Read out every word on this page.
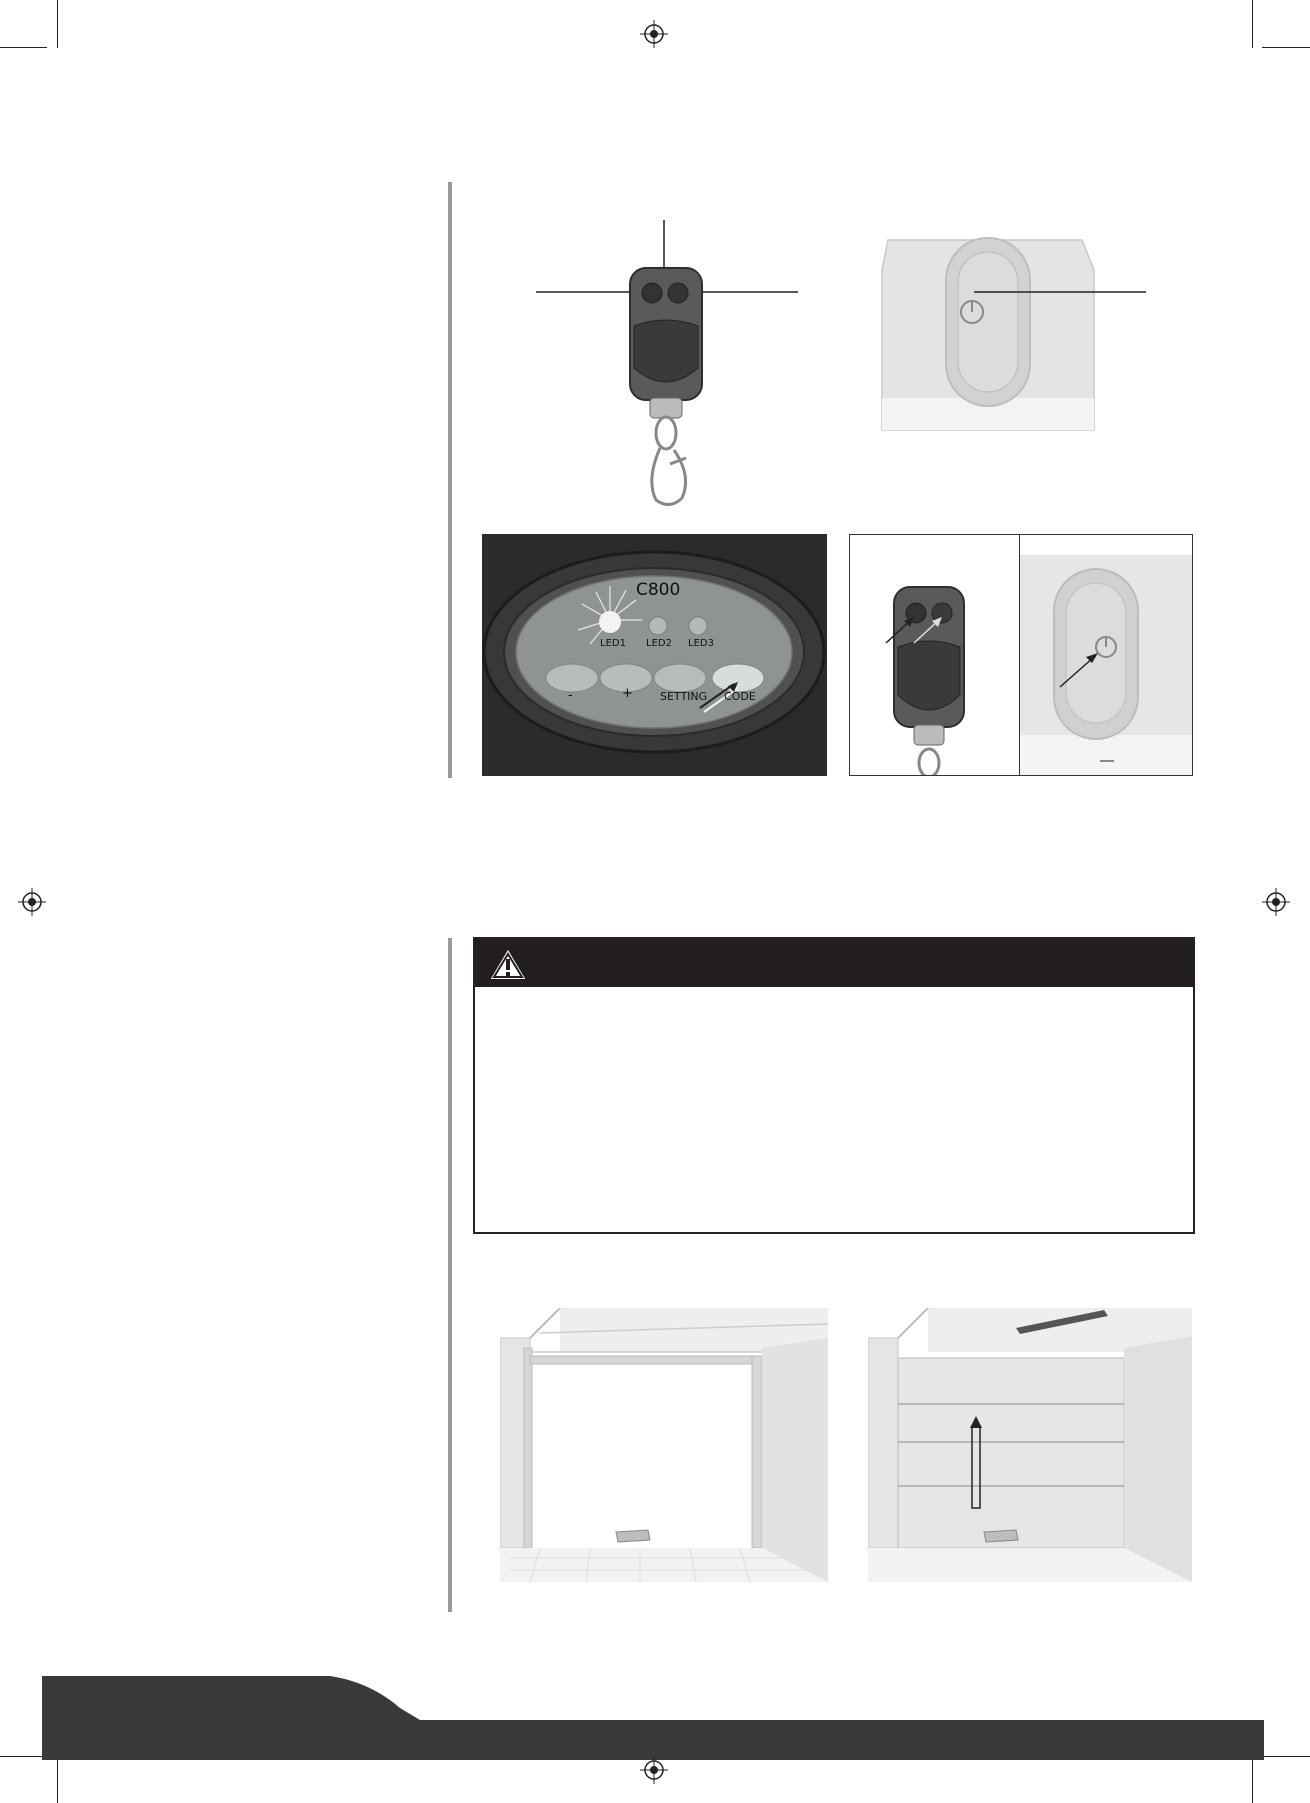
C800
LED1 LED2 LED3
-	+ SETTING CODE
